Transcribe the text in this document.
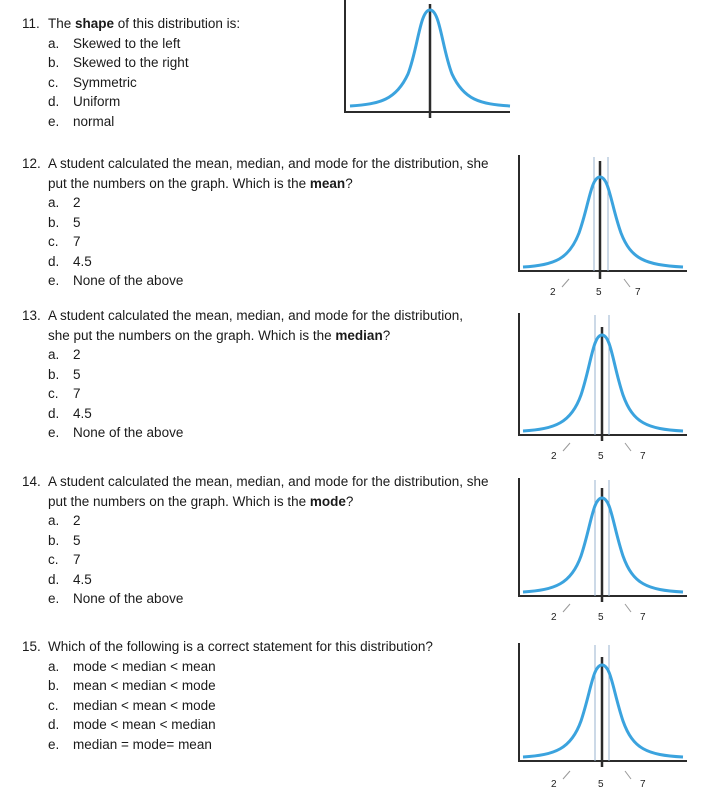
11. The shape of this distribution is:
a. Skewed to the left
b. Skewed to the right
c. Symmetric
d. Uniform
e. normal
12. A student calculated the mean, median, and mode for the distribution, she put the numbers on the graph. Which is the mean?
a. 2
b. 5
c. 7
d. 4.5
e. None of the above
2	5	7
13. A student calculated the mean, median, and mode for the distribution, she put the numbers on the graph. Which is the median?
a. 2
b. 5
c. 7
d. 4.5
e. None of the above
2	5	7
14. A student calculated the mean, median, and mode for the distribution, she put the numbers on the graph. Which is the mode?
a. 2
b. 5
c. 7
d. 4.5
e. None of the above
2	5	7
15. Which of the following is a correct statement for this distribution?
a. mode < median < mean
b. mean < median < mode
c. median < mean < mode
d. mode < mean < median
e. median = mode= mean
2	5	7
